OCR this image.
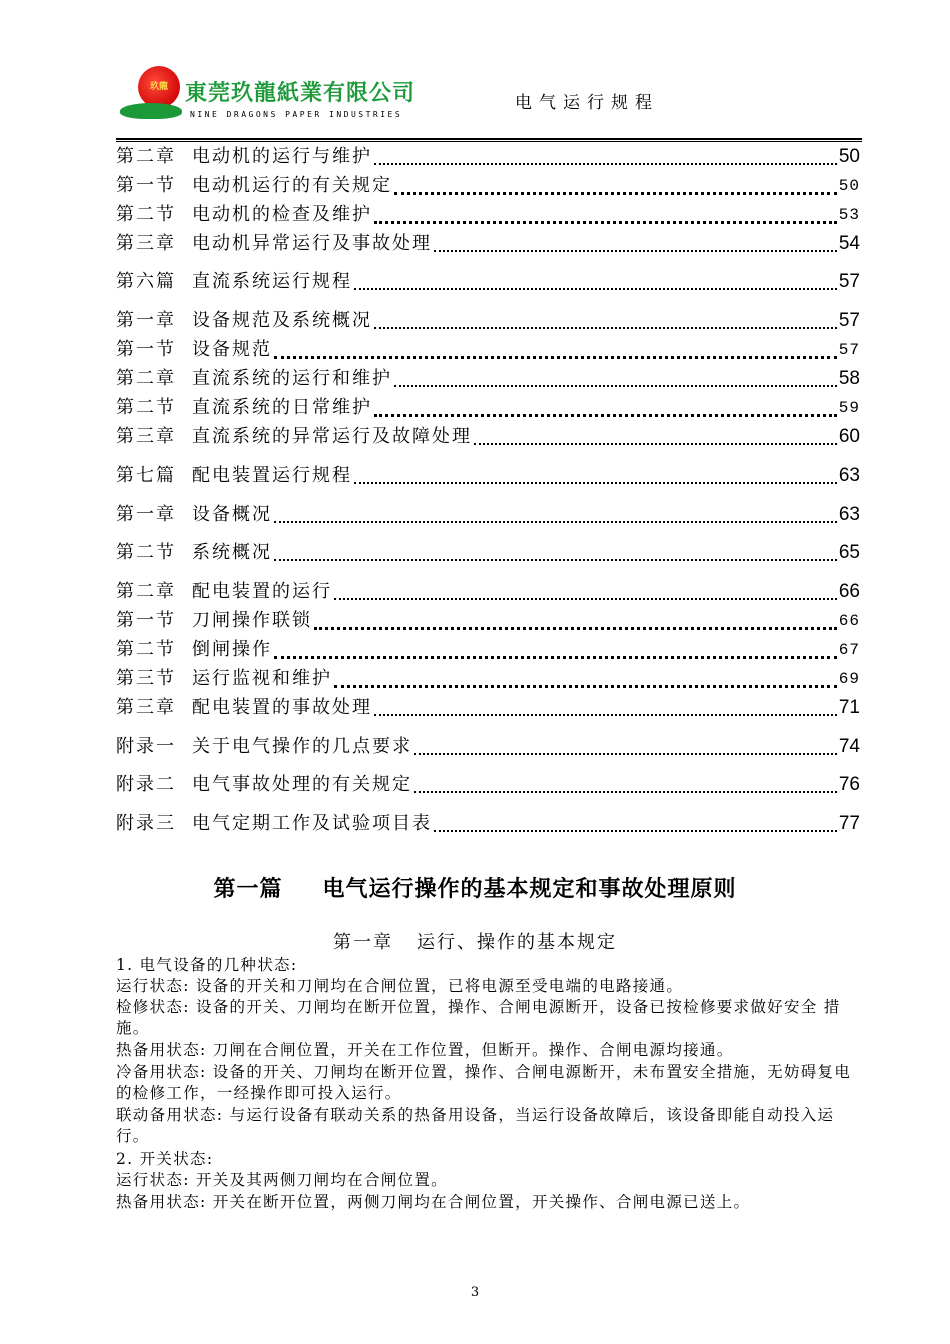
玖龍 東莞玖龍紙業有限公司
NINE DRAGONS PAPER INDUSTRIES
电气运行规程
第二章 电动机的运行与维护	50
第一节 电动机运行的有关规定	50
第二节 电动机的检查及维护	53
第三章 电动机异常运行及事故处理	54
第六篇 直流系统运行规程	57
第一章 设备规范及系统概况	57
第一节 设备规范	57
第二章 直流系统的运行和维护	58
第二节 直流系统的日常维护	59
第三章 直流系统的异常运行及故障处理	60
第七篇 配电装置运行规程	63
第一章 设备概况	63
第二节 系统概况	65
第二章 配电装置的运行	66
第一节 刀闸操作联锁	66
第二节 倒闸操作	67
第三节 运行监视和维护	69
第三章 配电装置的事故处理	71
附录一 关于电气操作的几点要求	74
附录二 电气事故处理的有关规定	76
附录三 电气定期工作及试验项目表	77
第一篇 电气运行操作的基本规定和事故处理原则
第一章 运行、操作的基本规定
1. 电气设备的几种状态:
运行状态: 设备的开关和刀闸均在合闸位置，已将电源至受电端的电路接通。
检修状态: 设备的开关、刀闸均在断开位置，操作、合闸电源断开，设备已按检修要求做好安全 措施。
热备用状态: 刀闸在合闸位置，开关在工作位置，但断开。操作、合闸电源均接通。
冷备用状态: 设备的开关、刀闸均在断开位置，操作、合闸电源断开，未布置安全措施，无妨碍复电的检修工作，一经操作即可投入运行。
联动备用状态: 与运行设备有联动关系的热备用设备，当运行设备故障后，该设备即能自动投入运行。
2. 开关状态:
运行状态: 开关及其两侧刀闸均在合闸位置。
热备用状态: 开关在断开位置，两侧刀闸均在合闸位置，开关操作、合闸电源已送上。
3
